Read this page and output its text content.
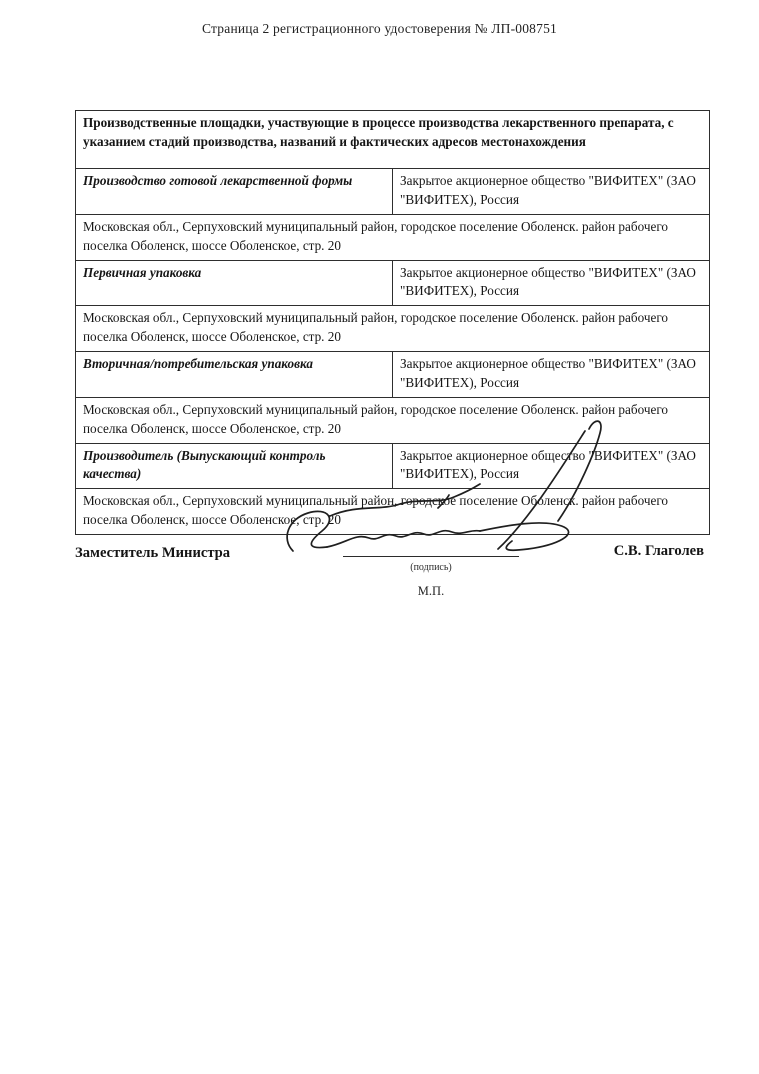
Страница 2 регистрационного удостоверения № ЛП-008751
Производственные площадки, участвующие в процессе производства лекарственного препарата, с указанием стадий производства, названий и фактических адресов местонахождения	
Производство готовой лекарственной формы	Закрытое акционерное общество "ВИФИТЕХ" (ЗАО "ВИФИТЕХ), Россия
Московская обл., Серпуховский муниципальный район, городское поселение Оболенск. район рабочего поселка Оболенск, шоссе Оболенское, стр. 20	
Первичная упаковка	Закрытое акционерное общество "ВИФИТЕХ" (ЗАО "ВИФИТЕХ), Россия
Московская обл., Серпуховский муниципальный район, городское поселение Оболенск. район рабочего поселка Оболенск, шоссе Оболенское, стр. 20	
Вторичная/потребительская упаковка	Закрытое акционерное общество "ВИФИТЕХ" (ЗАО "ВИФИТЕХ), Россия
Московская обл., Серпуховский муниципальный район, городское поселение Оболенск. район рабочего поселка Оболенск, шоссе Оболенское, стр. 20	
Производитель (Выпускающий контроль качества)	Закрытое акционерное общество "ВИФИТЕХ" (ЗАО "ВИФИТЕХ), Россия
Московская обл., Серпуховский муниципальный район, городское поселение Оболенск. район рабочего поселка Оболенск, шоссе Оболенское, стр. 20	
Заместитель Министра
(подпись)
М.П.
С.В. Глаголев
